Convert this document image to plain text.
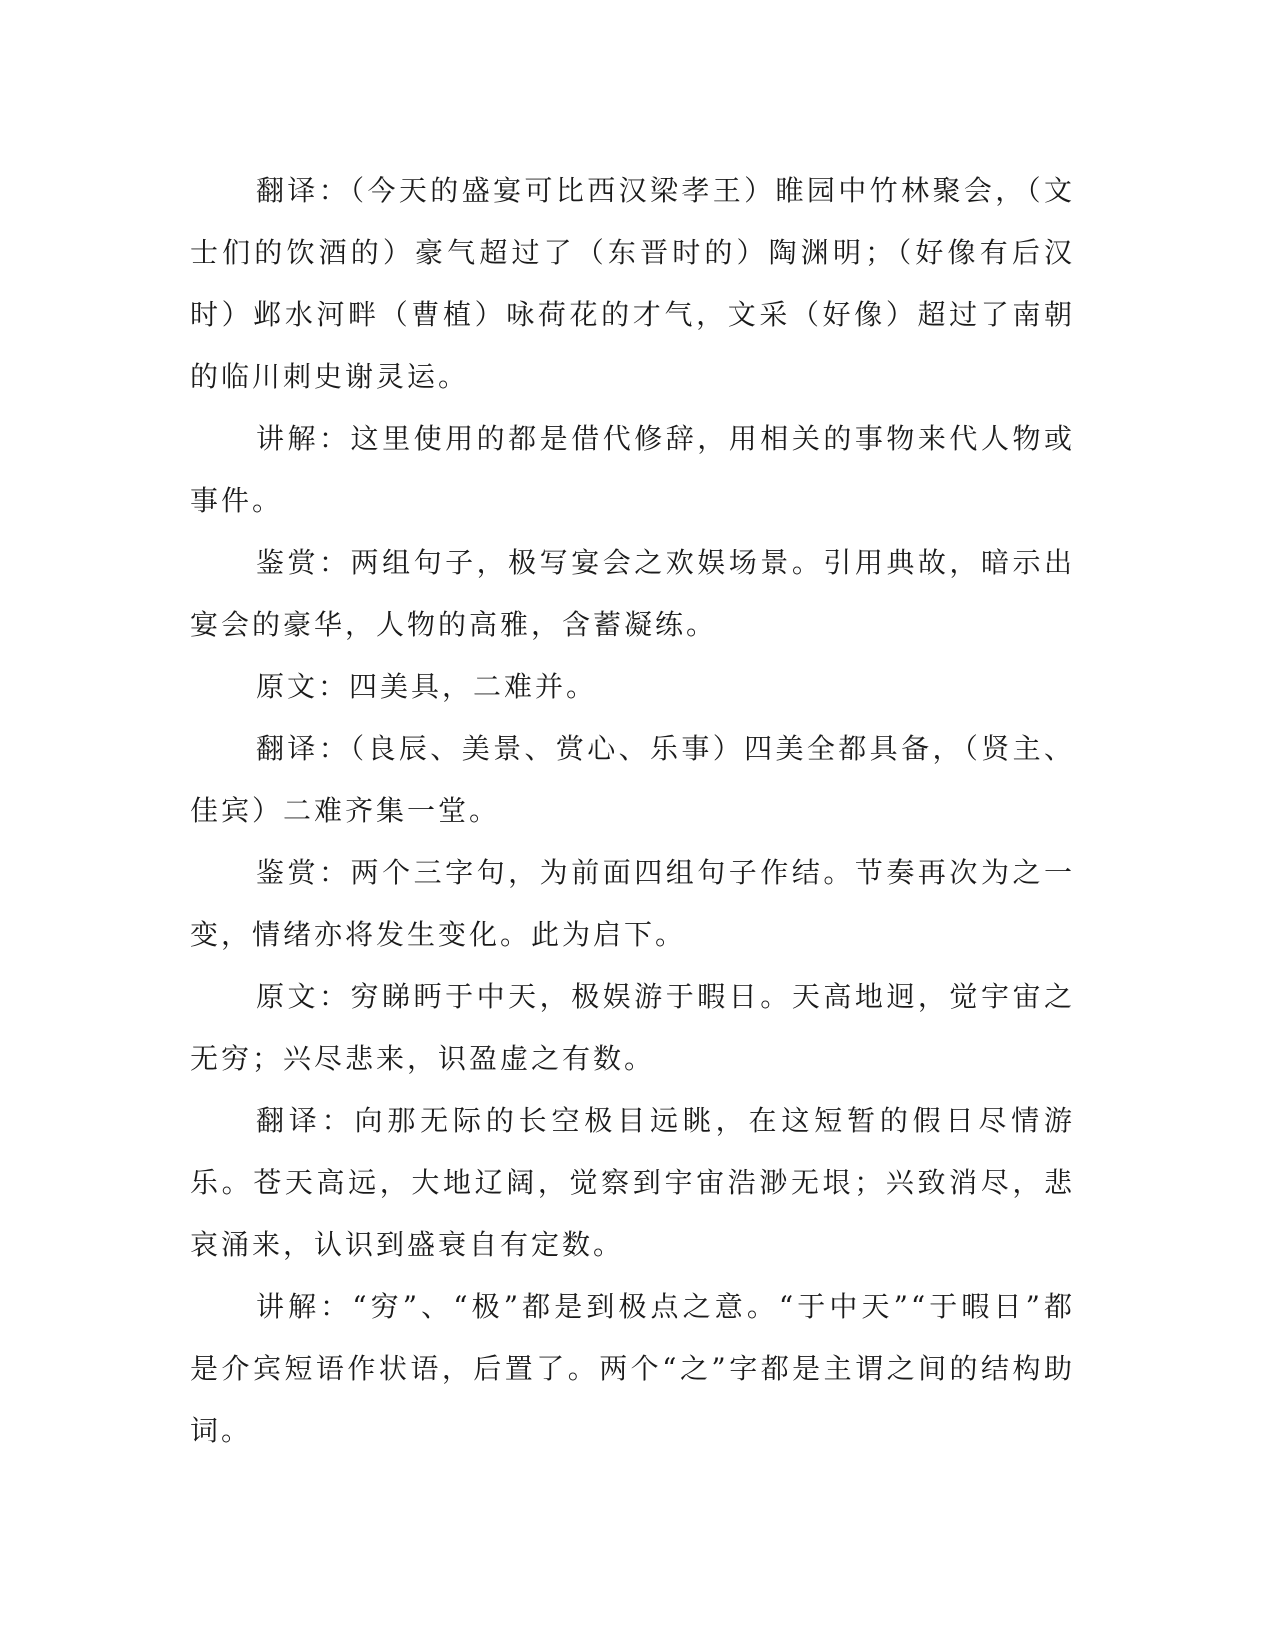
翻译：（今天的盛宴可比西汉梁孝王）睢园中竹林聚会，（文士们的饮酒的）豪气超过了（东晋时的）陶渊明；（好像有后汉时）邺水河畔（曹植）咏荷花的才气，文采（好像）超过了南朝的临川刺史谢灵运。

讲解：这里使用的都是借代修辞，用相关的事物来代人物或事件。

鉴赏：两组句子，极写宴会之欢娱场景。引用典故，暗示出宴会的豪华，人物的高雅，含蓄凝练。

原文：四美具，二难并。

翻译：（良辰、美景、赏心、乐事）四美全都具备，（贤主、佳宾）二难齐集一堂。

鉴赏：两个三字句，为前面四组句子作结。节奏再次为之一变，情绪亦将发生变化。此为启下。

原文：穷睇眄于中天，极娱游于暇日。天高地迥，觉宇宙之无穷；兴尽悲来，识盈虚之有数。

翻译：向那无际的长空极目远眺，在这短暂的假日尽情游乐。苍天高远，大地辽阔，觉察到宇宙浩渺无垠；兴致消尽，悲哀涌来，认识到盛衰自有定数。

讲解：“穷”、“极”都是到极点之意。“于中天”“于暇日”都是介宾短语作状语，后置了。两个“之”字都是主谓之间的结构助词。
